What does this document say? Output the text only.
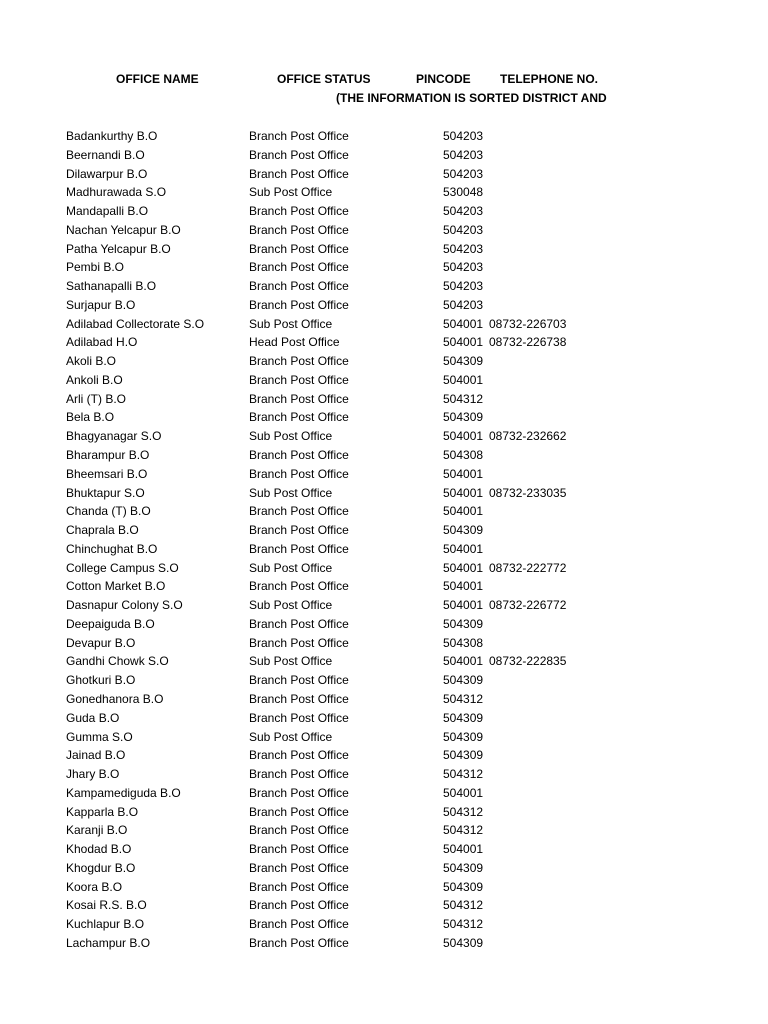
OFFICE NAME	OFFICE STATUS	PINCODE TELEPHONE NO.
(THE INFORMATION IS SORTED DISTRICT AND
Badankurthy B.O	Branch Post Office	504203
Beernandi B.O	Branch Post Office	504203
Dilawarpur B.O	Branch Post Office	504203
Madhurawada S.O	Sub Post Office	530048
Mandapalli B.O	Branch Post Office	504203
Nachan Yelcapur B.O	Branch Post Office	504203
Patha Yelcapur B.O	Branch Post Office	504203
Pembi B.O	Branch Post Office	504203
Sathanapalli B.O	Branch Post Office	504203
Surjapur B.O	Branch Post Office	504203
Adilabad Collectorate S.O	Sub Post Office	504001 08732-226703
Adilabad H.O	Head Post Office	504001 08732-226738
Akoli B.O	Branch Post Office	504309
Ankoli B.O	Branch Post Office	504001
Arli (T) B.O	Branch Post Office	504312
Bela B.O	Branch Post Office	504309
Bhagyanagar S.O	Sub Post Office	504001 08732-232662
Bharampur B.O	Branch Post Office	504308
Bheemsari B.O	Branch Post Office	504001
Bhuktapur S.O	Sub Post Office	504001 08732-233035
Chanda (T) B.O	Branch Post Office	504001
Chaprala B.O	Branch Post Office	504309
Chinchughat B.O	Branch Post Office	504001
College Campus S.O	Sub Post Office	504001 08732-222772
Cotton Market B.O	Branch Post Office	504001
Dasnapur Colony S.O	Sub Post Office	504001 08732-226772
Deepaiguda B.O	Branch Post Office	504309
Devapur B.O	Branch Post Office	504308
Gandhi Chowk S.O	Sub Post Office	504001 08732-222835
Ghotkuri B.O	Branch Post Office	504309
Gonedhanora B.O	Branch Post Office	504312
Guda B.O	Branch Post Office	504309
Gumma S.O	Sub Post Office	504309
Jainad B.O	Branch Post Office	504309
Jhary B.O	Branch Post Office	504312
Kampamediguda B.O	Branch Post Office	504001
Kapparla B.O	Branch Post Office	504312
Karanji B.O	Branch Post Office	504312
Khodad B.O	Branch Post Office	504001
Khogdur B.O	Branch Post Office	504309
Koora B.O	Branch Post Office	504309
Kosai R.S. B.O	Branch Post Office	504312
Kuchlapur B.O	Branch Post Office	504312
Lachampur B.O	Branch Post Office	504309
